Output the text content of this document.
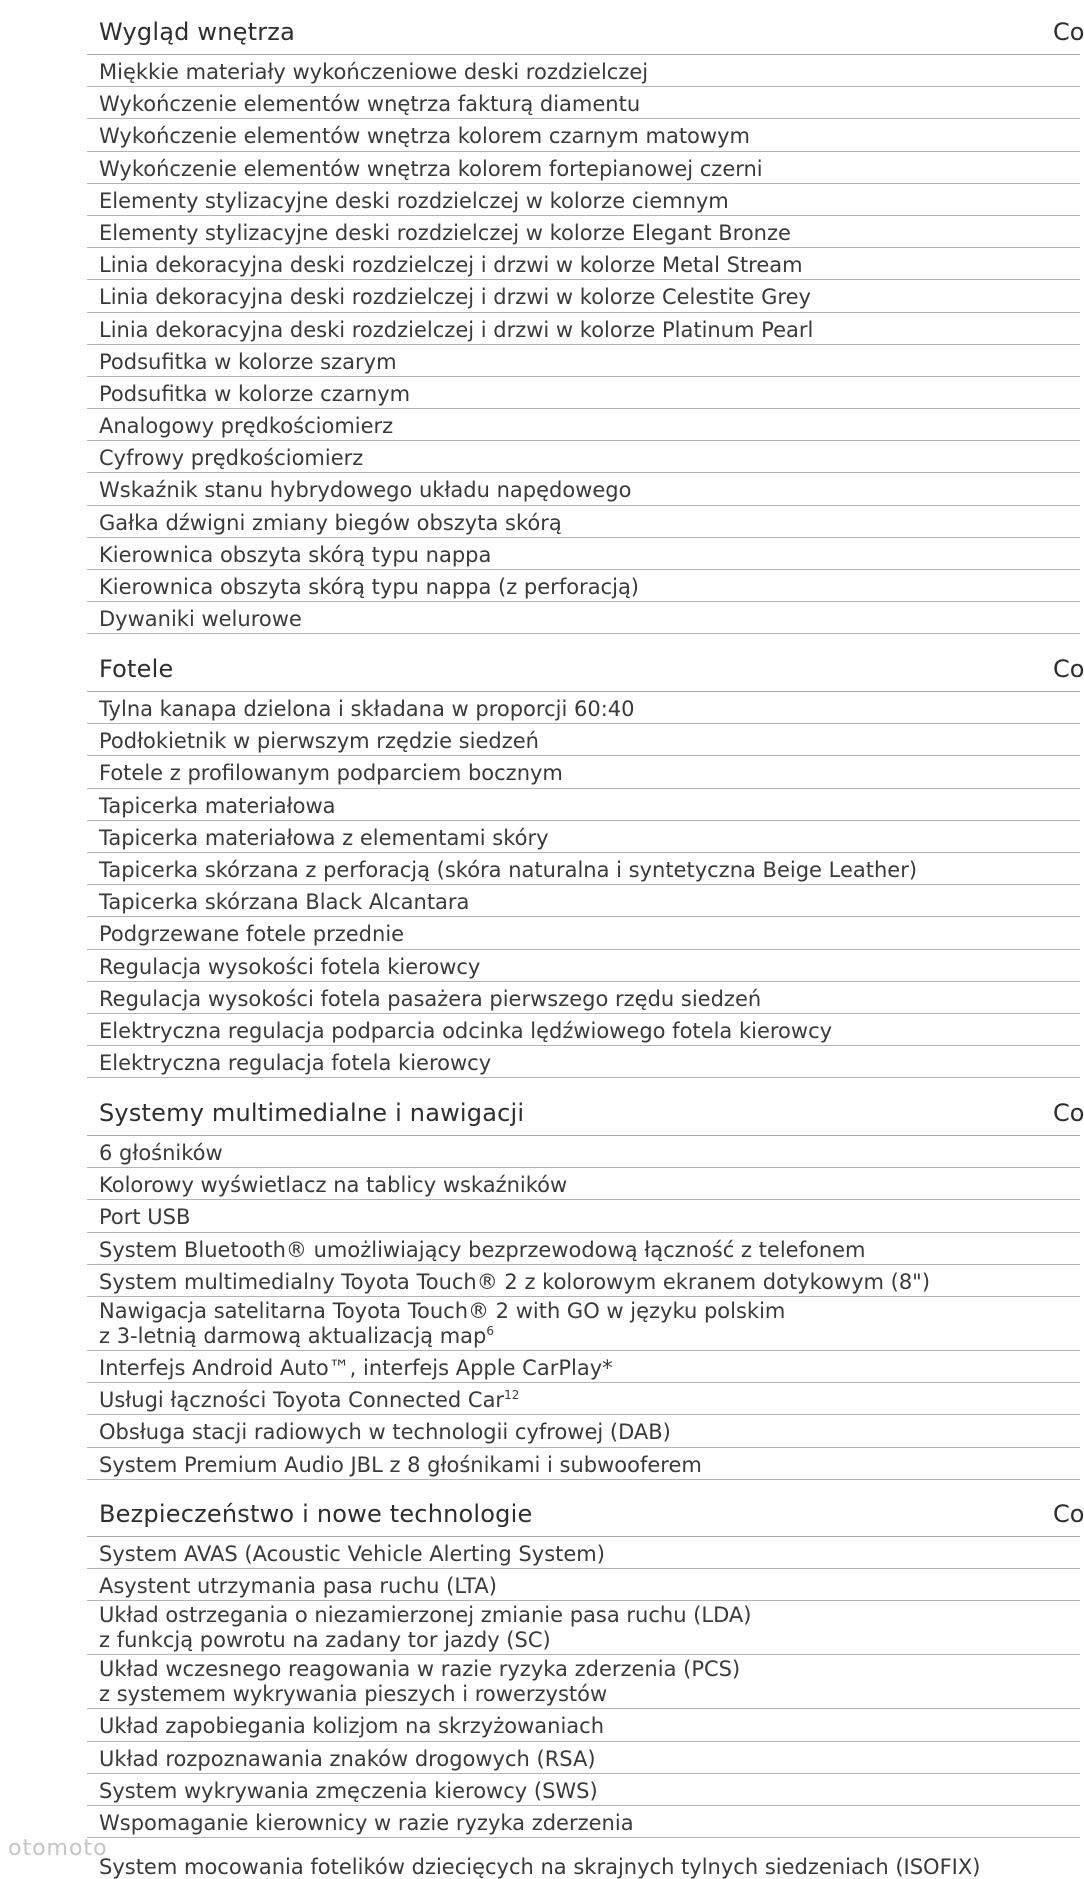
Wygląd wnętrza	Co
Miękkie materiały wykończeniowe deski rozdzielczej
Wykończenie elementów wnętrza fakturą diamentu
Wykończenie elementów wnętrza kolorem czarnym matowym
Wykończenie elementów wnętrza kolorem fortepianowej czerni
Elementy stylizacyjne deski rozdzielczej w kolorze ciemnym
Elementy stylizacyjne deski rozdzielczej w kolorze Elegant Bronze
Linia dekoracyjna deski rozdzielczej i drzwi w kolorze Metal Stream
Linia dekoracyjna deski rozdzielczej i drzwi w kolorze Celestite Grey
Linia dekoracyjna deski rozdzielczej i drzwi w kolorze Platinum Pearl
Podsufitka w kolorze szarym
Podsufitka w kolorze czarnym
Analogowy prędkościomierz
Cyfrowy prędkościomierz
Wskaźnik stanu hybrydowego układu napędowego
Gałka dźwigni zmiany biegów obszyta skórą
Kierownica obszyta skórą typu nappa
Kierownica obszyta skórą typu nappa (z perforacją)
Dywaniki welurowe
Fotele	Co
Tylna kanapa dzielona i składana w proporcji 60:40
Podłokietnik w pierwszym rzędzie siedzeń
Fotele z profilowanym podparciem bocznym
Tapicerka materiałowa
Tapicerka materiałowa z elementami skóry
Tapicerka skórzana z perforacją (skóra naturalna i syntetyczna Beige Leather)
Tapicerka skórzana Black Alcantara
Podgrzewane fotele przednie
Regulacja wysokości fotela kierowcy
Regulacja wysokości fotela pasażera pierwszego rzędu siedzeń
Elektryczna regulacja podparcia odcinka lędźwiowego fotela kierowcy
Elektryczna regulacja fotela kierowcy
Systemy multimedialne i nawigacji	Co
6 głośników
Kolorowy wyświetlacz na tablicy wskaźników
Port USB
System Bluetooth® umożliwiający bezprzewodową łączność z telefonem
System multimedialny Toyota Touch® 2 z kolorowym ekranem dotykowym (8")
Nawigacja satelitarna Toyota Touch® 2 with GO w języku polskim
z 3-letnią darmową aktualizacją map$^6$
Interfejs Android Auto™, interfejs Apple CarPlay*
Usługi łączności Toyota Connected Car$^{12}$
Obsługa stacji radiowych w technologii cyfrowej (DAB)
System Premium Audio JBL z 8 głośnikami i subwooferem
Bezpieczeństwo i nowe technologie	Co
System AVAS (Acoustic Vehicle Alerting System)
Asystent utrzymania pasa ruchu (LTA)
Układ ostrzegania o niezamierzonej zmianie pasa ruchu (LDA)
z funkcją powrotu na zadany tor jazdy (SC)
Układ wczesnego reagowania w razie ryzyka zderzenia (PCS)
z systemem wykrywania pieszych i rowerzystów
Układ zapobiegania kolizjom na skrzyżowaniach
Układ rozpoznawania znaków drogowych (RSA)
System wykrywania zmęczenia kierowcy (SWS)
Wspomaganie kierownicy w razie ryzyka zderzenia
System mocowania fotelików dziecięcych na skrajnych tylnych siedzeniach (ISOFIX)
otomoto
